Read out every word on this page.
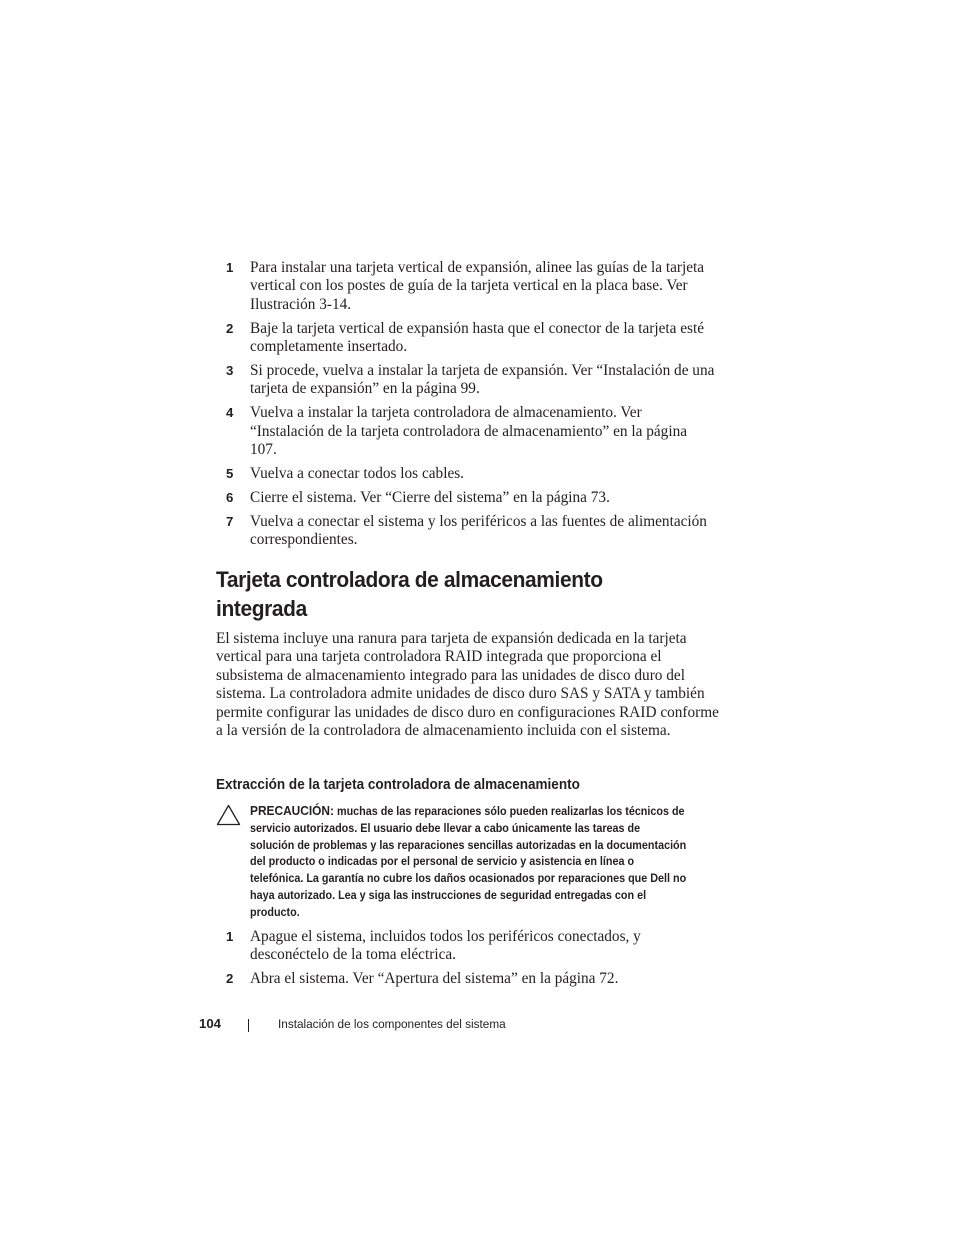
1 Para instalar una tarjeta vertical de expansión, alinee las guías de la tarjeta vertical con los postes de guía de la tarjeta vertical en la placa base. Ver Ilustración 3-14.
2 Baje la tarjeta vertical de expansión hasta que el conector de la tarjeta esté completamente insertado.
3 Si procede, vuelva a instalar la tarjeta de expansión. Ver “Instalación de una tarjeta de expansión” en la página 99.
4 Vuelva a instalar la tarjeta controladora de almacenamiento. Ver “Instalación de la tarjeta controladora de almacenamiento” en la página 107.
5 Vuelva a conectar todos los cables.
6 Cierre el sistema. Ver “Cierre del sistema” en la página 73.
7 Vuelva a conectar el sistema y los periféricos a las fuentes de alimentación correspondientes.
Tarjeta controladora de almacenamiento
integrada

El sistema incluye una ranura para tarjeta de expansión dedicada en la tarjeta vertical para una tarjeta controladora RAID integrada que proporciona el subsistema de almacenamiento integrado para las unidades de disco duro del sistema. La controladora admite unidades de disco duro SAS y SATA y también permite configurar las unidades de disco duro en configuraciones RAID conforme a la versión de la controladora de almacenamiento incluida con el sistema.

Extracción de la tarjeta controladora de almacenamiento
PRECAUCIÓN: muchas de las reparaciones sólo pueden realizarlas los técnicos de servicio autorizados. El usuario debe llevar a cabo únicamente las tareas de solución de problemas y las reparaciones sencillas autorizadas en la documentación del producto o indicadas por el personal de servicio y asistencia en línea o telefónica. La garantía no cubre los daños ocasionados por reparaciones que Dell no haya autorizado. Lea y siga las instrucciones de seguridad entregadas con el producto.
1 Apague el sistema, incluidos todos los periféricos conectados, y desconéctelo de la toma eléctrica.
2 Abra el sistema. Ver “Apertura del sistema” en la página 72.
104	Instalación de los componentes del sistema
